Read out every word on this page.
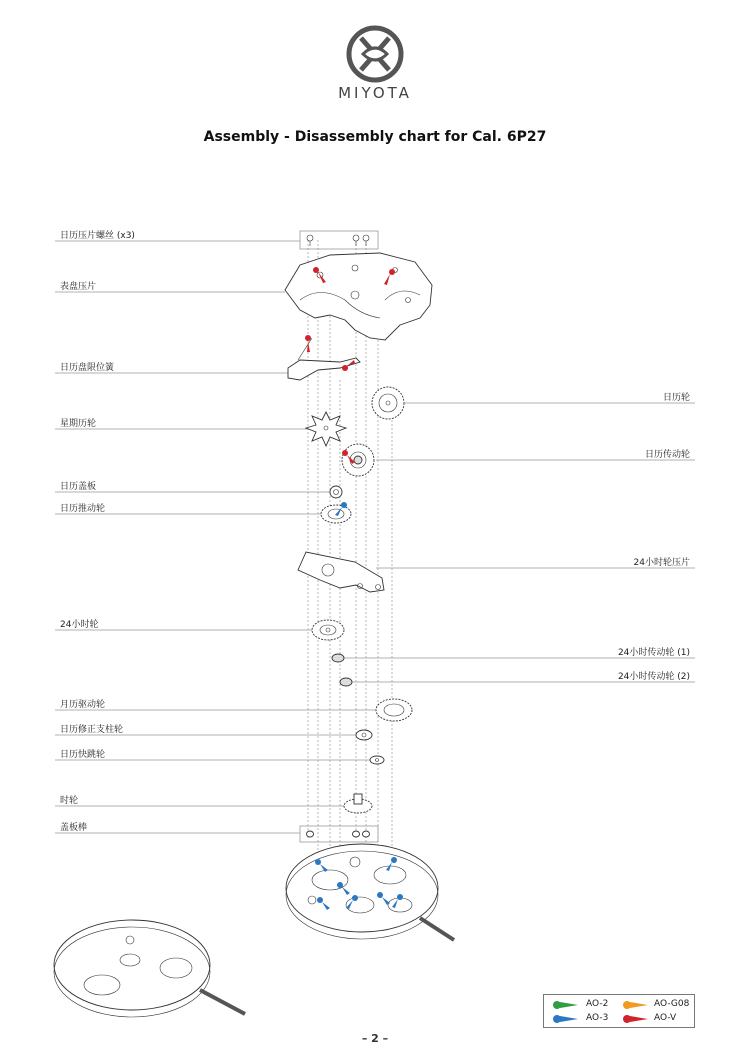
MIYOTA
Assembly - Disassembly chart for Cal. 6P27
日历压片螺丝 (x3)
表盘压片
日历盘限位簧
星期历轮
日历盖板
日历推动轮
24小时轮
月历驱动轮
日历修正支柱轮
日历快跳轮
时轮
盖板棒
日历轮
日历传动轮
24小时轮压片
24小时传动轮 (1)
24小时传动轮 (2)
AO-2	AO-G08
AO-3	AO-V
– 2 –
